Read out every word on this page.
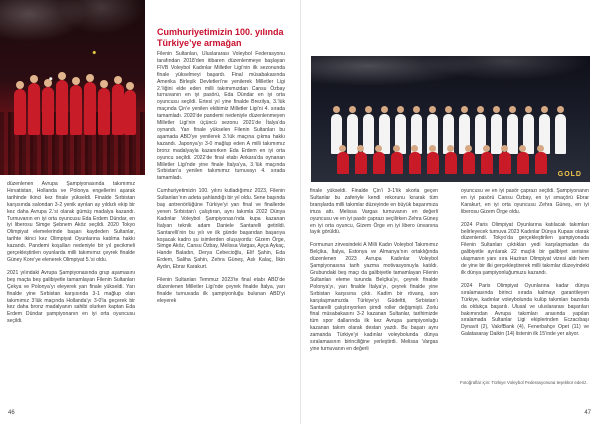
düzenlenen Avrupa Şampiyonasında takımımız Hırvatistan, Hollanda ve Polonya engellerini aşarak tarihinde ikinci kez finale yükseldi. Finalde Sırbistan karşısında salondan 3-2 yenik ayrılan ay yıldızlı ekip bir kez daha Avrupa 2.’si olarak gümüş madalya kazandı. Turnuvanın en iyi orta oyuncusu Eda Erdem Dündar, en iyi liberosu Simge Şebnem Aköz seçildi. 2020 Tokyo Olimpiyat elemelerinde başarı kaydeden Sultanlar, tarihte ikinci kez Olimpiyat Oyunlarına katılma hakkı kazandı. Pandemi koşulları nedeniyle bir yıl gecikmeli gerçekleştirilen oyunlarda milli takımımız çeyrek finalde Güney Kore’ye elenerek Olimpiyat 5.’si oldu.

2021 yılındaki Avrupa Şampiyonasında grup aşamasını beş maçta beş galibiyetle tamamlayan Filenin Sultanları Çekya ve Polonya’yı eleyerek yarı finale yükseldi. Yarı finalde yine Sırbistan karşısında 3-1 mağlup olan takımımız 3’lük maçında Hollanda’yı 3-0’la geçerek bir kez daha bronz madalyanın sahibi olurken kaptan Eda Erdem Dündar şampiyonanın en iyi orta oyuncusu seçildi.

Cumhuriyetimizin 100. yılında Türkiye’ye armağan

Filenin Sultanları, Uluslararası Voleybol Federasyonu tarafından 2018’den itibaren düzenlenmeye başlayan FIVB Voleybol Kadınlar Milletler Ligi’nin ilk sezonunda finale yükselmeyi başardı. Final müsabakasında Amerika Birleşik Devletleri’ne yenilerek Milletler Ligi 2.’liğini elde eden milli takımımızdan Cansu Özbay turnuvanın en iyi pasörü, Eda Dündar en iyi orta oyuncusu seçildi. Ertesi yıl yine finalde Brezilya, 3.’lük maçında Çin’e yenilen ekibimiz Milletler Ligi’ni 4. sırada tamamladı. 2020’de pandemi nedeniyle düzenlenmeyen Milletler Ligi’nin üçüncü sezonu 2021’de İtalya’da oynandı. Yarı finale yükselen Filenin Sultanları bu aşamada ABD’ye yenilerek 3.’lük maçına çıkma hakkı kazandı. Japonya’yı 3-0 mağlup eden A milli takımımız bronz madalyayla kazanırken Eda Erdem en iyi orta oyuncu seçildi. 2022’de final etabı Ankara’da oynanan Milletler Ligi’nde yine finale İtalya’ya, 3.’lük maçında Sırbistan’a yenilen takımımız turnuvayı 4. sırada tamamladı.

Cumhuriyetimizin 100. yılını kutladığımız 2023, Filenin Sultanları’nın adeta şahlandığı bir yıl oldu. Sene başında baş antrenörlüğüne Türkiye’yi yarı final ve finallerde yenen Sırbistan’ı çalıştıran, aynı takımla 2022 Dünya Kadınlar Voleybol Şampiyonası’nda kupa kazanan İtalyan teknik adam Daniele Santarelli getirildi. Santarelli’nin bu yılı ve ilk günde başarıdan başarıya koşacak kadro şu isimlerden oluşuyordu: Gizem Örge, Simge Aköz, Cansu Özbay, Melissa Vargas, Ayça Aykaç, Hande Baladın, Derya Cebecioğlu, Elif Şahin, Eda Erdem, Saliha Şahin, Zehra Güneş, Aslı Kalaç, İlkin Aydın, Ebrar Karakurt.

Filenin Sultanları Temmuz 2023’te final etabı ABD’de düzenlenen Milletler Ligi’nde çeyrek finalde İtalya, yarı finalde turnuvada ilk şampiyonluğu bulunan ABD’yi eleyerek

46
GOLD

finale yükseldi. Finalde Çin’i 3-1’lik skorla geçen Sultanlar bu zaferiyle kendi rekorunu kırarak tüm branşlarda milli takımlar düzeyinde en büyük başarımıza imza attı. Melissa Vargas turnuvanın en değerli oyuncusu ve en iyi pasör çaprazı seçilirken Zehra Güneş en iyi orta oyuncu, Gizem Örge en iyi libero ünvanına layık görüldü.

Formunun zirvesindeki A Milli Kadın Voleybol Takımımız Belçika, İtalya, Estonya ve Almanya’nın ortaklığında düzenlenen 2023 Avrupa Kadınlar Voleybol Şampiyonasına tarih yazma motivasyonuyla katıldı. Grubundaki beş maçı da galibiyetle tamamlayan Filenin Sultanları eleme turunda Belçika’yı, çeyrek finalde Polonya’yı, yarı finalde İtalya’yı, çeyrek finalde yine Sırbistan karşısına çıktı. Kadim bir rövanş, son karşılaşmamızda Türkiye’yi Güdeltti, Sırbistan’ı Santarelli çalıştırıyorken şimdi roller değişmişti. Zorlu final müsabakasını 3-2 kazanan Sultanlar, tarihimizde tüm spor dallarında ilk kez Avrupa şampiyonluğu kazanan takım olarak destan yazdı. Bu başarı aynı zamanda Türkiye’yi kadınlar voleybolunda dünya sıralamasının birinciliğine yerleştirdi. Melissa Vargas yine turnuvanın en değerli

oyuncusu ve en iyi pasör çaprazı seçildi. Şampiyonanın en iyi pasörü Cansu Özbay, en iyi smaçörü Ebrar Karakurt, en iyi orta oyuncusu Zehra Güneş, en iyi liberosu Gizem Örge oldu.

2024 Paris Olimpiyat Oyunlarına katılacak takımları belirleyecek turnuva 2023 Kadınlar Dünya Kupası olarak düzenlendi. Tokyo’da gerçekleştirilen şampiyonada Filenin Sultanları çıktıkları yedi karşılaşmadan da galibiyetle ayrılarak 22 maçlık bir galibiyet serisine ulaşmanın yanı sıra Haziran Olimpiyat vizesi aldı hem de yine bir ilki gerçekleştirerek milli takımlar düzeyindeki ilk dünya şampiyonluğumuzu kazandı.

2024 Paris Olimpiyat Oyunlarına kadar dünya sıralamasında birinci sırada kalmayı garantileyen Türkiye, kadınlar voleybolunda kulüp takımları bazında da oldukça başarılı. Ulusal ve uluslararası başarıları bakımından Avrupa takımları arasında yapılan sıralamada Sultanlar Ligi ekiplerinden Eczacıbaşı Dynavit (2), VakıfBank (4), Fenerbahçe Opet (11) ve Galatasaray Daikin (14) listenin ilk 15’inde yer alıyor.

47
Fotoğraflar için: Türkiye Voleybol Federasyonuna teşekkür ederiz.
